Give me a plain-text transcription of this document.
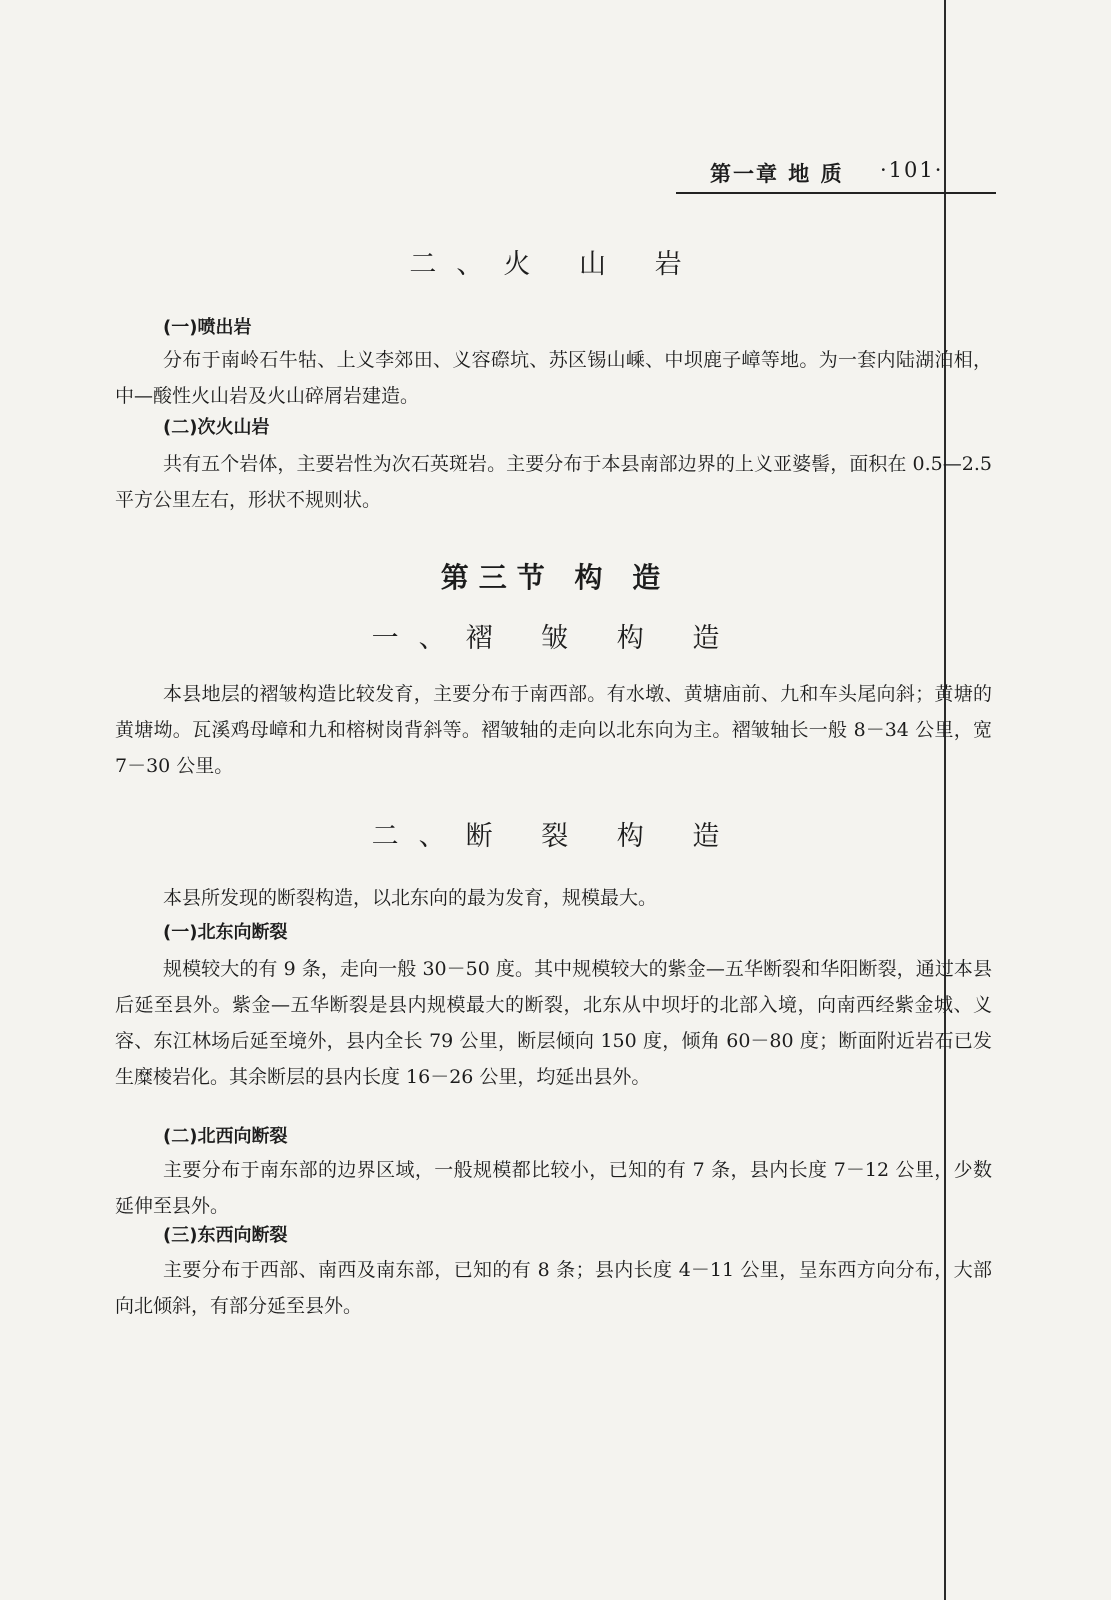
第一章 地 质 ·101·
二、火 山 岩
(一)喷出岩

分布于南岭石牛牯、上义李郊田、义容磜坑、苏区锡山嵊、中坝鹿子嶂等地。为一套内陆湖泊相，中—酸性火山岩及火山碎屑岩建造。

(二)次火山岩

共有五个岩体，主要岩性为次石英斑岩。主要分布于本县南部边界的上义亚婆髻，面积在 0.5—2.5 平方公里左右，形状不规则状。

第三节 构 造
一、褶 皱 构 造

本县地层的褶皱构造比较发育，主要分布于南西部。有水墩、黄塘庙前、九和车头尾向斜；黄塘的黄塘坳。瓦溪鸡母嶂和九和榕树岗背斜等。褶皱轴的走向以北东向为主。褶皱轴长一般 8－34 公里，宽 7－30 公里。

二、断 裂 构 造

本县所发现的断裂构造，以北东向的最为发育，规模最大。

(一)北东向断裂

规模较大的有 9 条，走向一般 30－50 度。其中规模较大的紫金—五华断裂和华阳断裂，通过本县后延至县外。紫金—五华断裂是县内规模最大的断裂，北东从中坝圩的北部入境，向南西经紫金城、义容、东江林场后延至境外，县内全长 79 公里，断层倾向 150 度，倾角 60－80 度；断面附近岩石已发生糜棱岩化。其余断层的县内长度 16－26 公里，均延出县外。

(二)北西向断裂

主要分布于南东部的边界区域，一般规模都比较小，已知的有 7 条，县内长度 7－12 公里，少数延伸至县外。

(三)东西向断裂

主要分布于西部、南西及南东部，已知的有 8 条；县内长度 4－11 公里，呈东西方向分布，大部向北倾斜，有部分延至县外。
